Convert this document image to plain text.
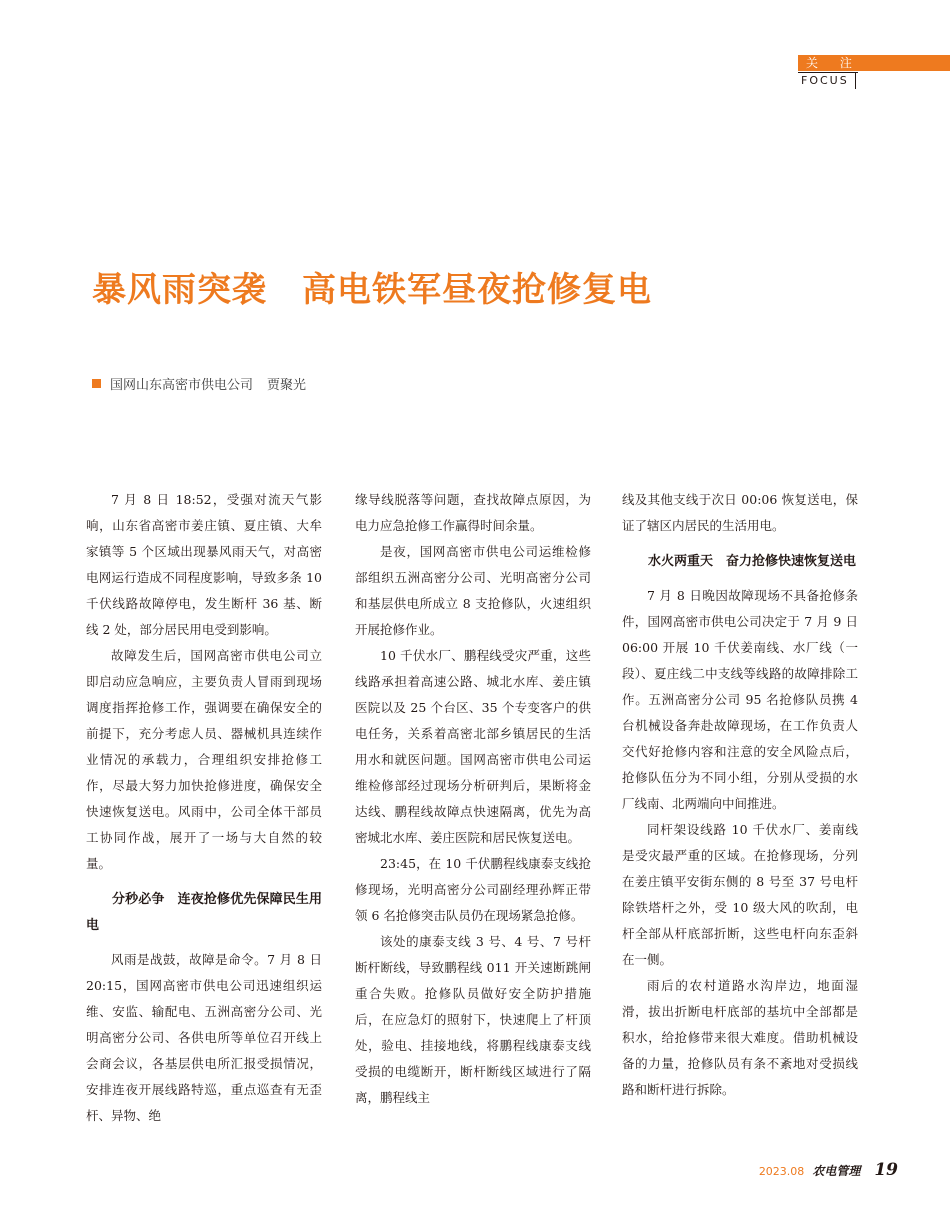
关 注
FOCUS
暴风雨突袭　高电铁军昼夜抢修复电
国网山东高密市供电公司 贾聚光

7 月 8 日 18:52，受强对流天气影响，山东省高密市姜庄镇、夏庄镇、大牟家镇等 5 个区域出现暴风雨天气，对高密电网运行造成不同程度影响，导致多条 10 千伏线路故障停电，发生断杆 36 基、断线 2 处，部分居民用电受到影响。

故障发生后，国网高密市供电公司立即启动应急响应，主要负责人冒雨到现场调度指挥抢修工作，强调要在确保安全的前提下，充分考虑人员、器械机具连续作业情况的承载力，合理组织安排抢修工作，尽最大努力加快抢修进度，确保安全快速恢复送电。风雨中，公司全体干部员工协同作战，展开了一场与大自然的较量。

分秒必争　连夜抢修优先保障民生用电

风雨是战鼓，故障是命令。7 月 8 日 20:15，国网高密市供电公司迅速组织运维、安监、输配电、五洲高密分公司、光明高密分公司、各供电所等单位召开线上会商会议，各基层供电所汇报受损情况，安排连夜开展线路特巡，重点巡查有无歪杆、异物、绝

缘导线脱落等问题，查找故障点原因，为电力应急抢修工作赢得时间余量。

是夜，国网高密市供电公司运维检修部组织五洲高密分公司、光明高密分公司和基层供电所成立 8 支抢修队，火速组织开展抢修作业。

10 千伏水厂、鹏程线受灾严重，这些线路承担着高速公路、城北水库、姜庄镇医院以及 25 个台区、35 个专变客户的供电任务，关系着高密北部乡镇居民的生活用水和就医问题。国网高密市供电公司运维检修部经过现场分析研判后，果断将金达线、鹏程线故障点快速隔离，优先为高密城北水库、姜庄医院和居民恢复送电。

23:45，在 10 千伏鹏程线康泰支线抢修现场，光明高密分公司副经理孙辉正带领 6 名抢修突击队员仍在现场紧急抢修。

该处的康泰支线 3 号、4 号、7 号杆断杆断线，导致鹏程线 011 开关速断跳闸重合失败。抢修队员做好安全防护措施后，在应急灯的照射下，快速爬上了杆顶处，验电、挂接地线，将鹏程线康泰支线受损的电缆断开，断杆断线区域进行了隔离，鹏程线主

线及其他支线于次日 00:06 恢复送电，保证了辖区内居民的生活用电。

水火两重天　奋力抢修快速恢复送电

7 月 8 日晚因故障现场不具备抢修条件，国网高密市供电公司决定于 7 月 9 日 06:00 开展 10 千伏姜南线、水厂线（一段）、夏庄线二中支线等线路的故障排除工作。五洲高密分公司 95 名抢修队员携 4 台机械设备奔赴故障现场，在工作负责人交代好抢修内容和注意的安全风险点后，抢修队伍分为不同小组，分别从受损的水厂线南、北两端向中间推进。

同杆架设线路 10 千伏水厂、姜南线是受灾最严重的区域。在抢修现场，分列在姜庄镇平安街东侧的 8 号至 37 号电杆除铁塔杆之外，受 10 级大风的吹刮，电杆全部从杆底部折断，这些电杆向东歪斜在一侧。

雨后的农村道路水沟岸边，地面湿滑，拔出折断电杆底部的基坑中全部都是积水，给抢修带来很大难度。借助机械设备的力量，抢修队员有条不紊地对受损线路和断杆进行拆除。

2023.08 农电管理 19
